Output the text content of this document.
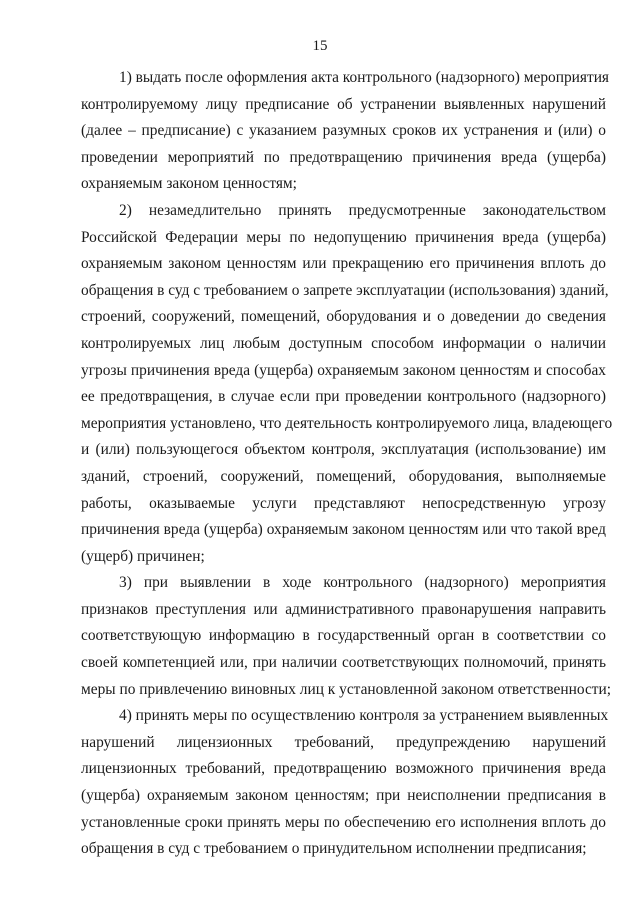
15
1) выдать после оформления акта контрольного (надзорного) мероприятия
контролируемому лицу предписание об устранении выявленных нарушений
(далее – предписание) с указанием разумных сроков их устранения и (или) о
проведении мероприятий по предотвращению причинения вреда (ущерба)
охраняемым законом ценностям;
2) незамедлительно принять предусмотренные законодательством
Российской Федерации меры по недопущению причинения вреда (ущерба)
охраняемым законом ценностям или прекращению его причинения вплоть до
обращения в суд с требованием о запрете эксплуатации (использования) зданий,
строений, сооружений, помещений, оборудования и о доведении до сведения
контролируемых лиц любым доступным способом информации о наличии
угрозы причинения вреда (ущерба) охраняемым законом ценностям и способах
ее предотвращения, в случае если при проведении контрольного (надзорного)
мероприятия установлено, что деятельность контролируемого лица, владеющего
и (или) пользующегося объектом контроля, эксплуатация (использование) им
зданий, строений, сооружений, помещений, оборудования, выполняемые
работы, оказываемые услуги представляют непосредственную угрозу
причинения вреда (ущерба) охраняемым законом ценностям или что такой вред
(ущерб) причинен;
3) при выявлении в ходе контрольного (надзорного) мероприятия
признаков преступления или административного правонарушения направить
соответствующую информацию в государственный орган в соответствии со
своей компетенцией или, при наличии соответствующих полномочий, принять
меры по привлечению виновных лиц к установленной законом ответственности;
4) принять меры по осуществлению контроля за устранением выявленных
нарушений лицензионных требований, предупреждению нарушений
лицензионных требований, предотвращению возможного причинения вреда
(ущерба) охраняемым законом ценностям; при неисполнении предписания в
установленные сроки принять меры по обеспечению его исполнения вплоть до
обращения в суд с требованием о принудительном исполнении предписания;
